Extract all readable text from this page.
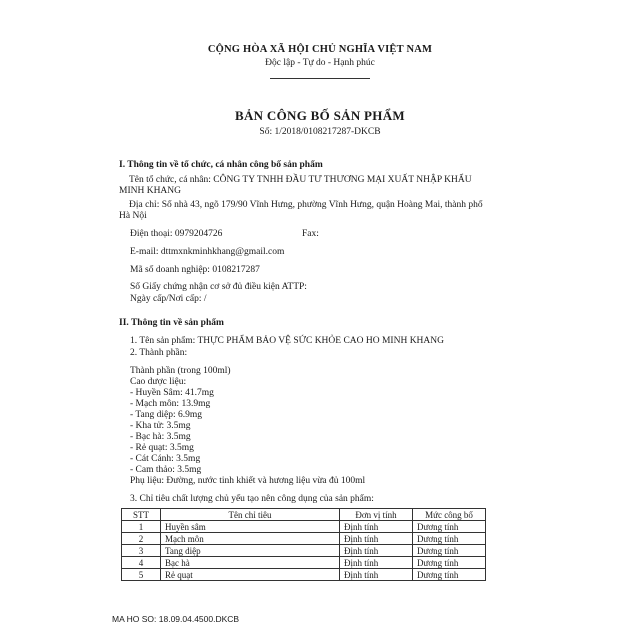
CỘNG HÒA XÃ HỘI CHỦ NGHĨA VIỆT NAM
Độc lập - Tự do - Hạnh phúc
BẢN CÔNG BỐ SẢN PHẨM
Số: 1/2018/0108217287-DKCB
I. Thông tin về tổ chức, cá nhân công bố sản phẩm
Tên tổ chức, cá nhân: CÔNG TY TNHH ĐẦU TƯ THƯƠNG MẠI XUẤT NHẬP KHẨU MINH KHANG
Địa chỉ: Số nhà 43, ngõ 179/90 Vĩnh Hưng, phường Vĩnh Hưng, quận Hoàng Mai, thành phố Hà Nội
Điện thoại: 0979204726	Fax:
E-mail: dttmxnkminhkhang@gmail.com
Mã số doanh nghiệp: 0108217287
Số Giấy chứng nhận cơ sở đủ điều kiện ATTP:
Ngày cấp/Nơi cấp: /
II. Thông tin về sản phẩm
1. Tên sản phẩm: THỰC PHẨM BẢO VỆ SỨC KHỎE CAO HO MINH KHANG
2. Thành phần:
Thành phần (trong 100ml)
Cao dược liệu:
- Huyền Sâm: 41.7mg
- Mạch môn: 13.9mg
- Tang diệp: 6.9mg
- Kha tử: 3.5mg
- Bạc hà: 3.5mg
- Rẻ quạt: 3.5mg
- Cát Cánh: 3.5mg
- Cam thảo: 3.5mg
Phụ liệu: Đường, nước tinh khiết và hương liệu vừa đủ 100ml
3. Chỉ tiêu chất lượng chủ yếu tạo nên công dụng của sản phẩm:
STT	Tên chỉ tiêu	Đơn vị tính	Mức công bố
1	Huyền sâm	Định tính	Dương tính
2	Mạch môn	Định tính	Dương tính
3	Tang diệp	Định tính	Dương tính
4	Bạc hà	Định tính	Dương tính
5	Rẻ quạt	Định tính	Dương tính
MA HO SO: 18.09.04.4500.DKCB
